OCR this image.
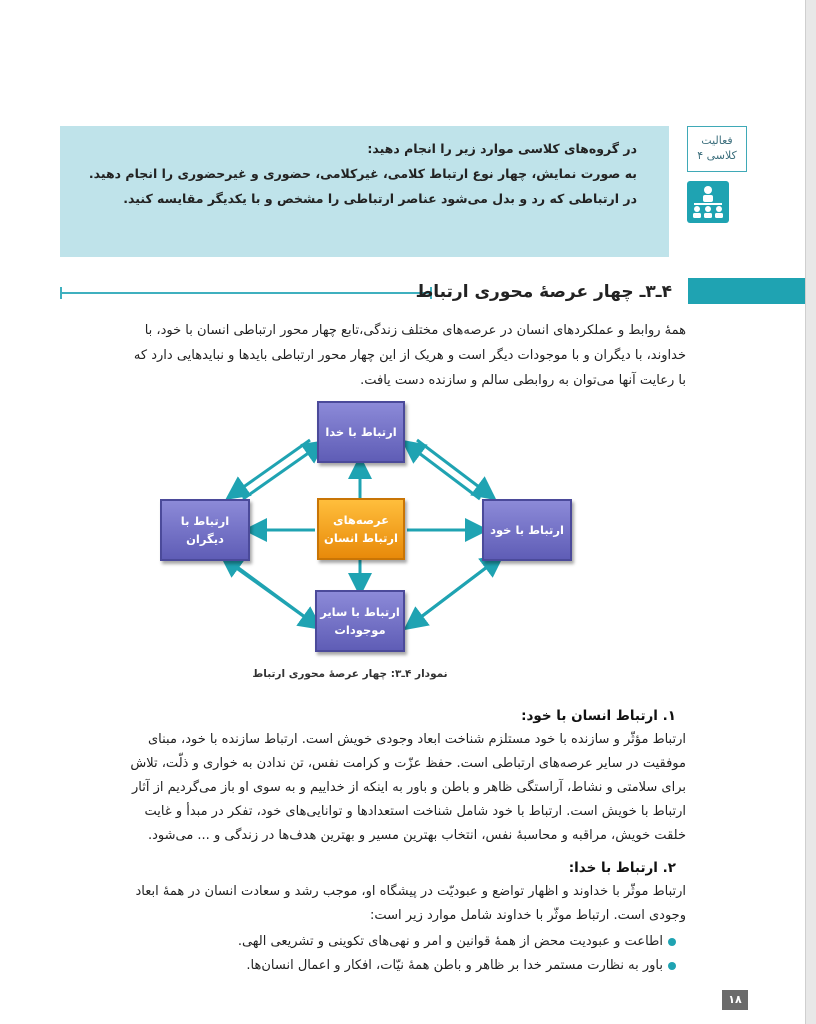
در گروه‌های کلاسی موارد زیر را انجام دهید:

به صورت نمایش، چهار نوع ارتباط کلامی، غیرکلامی، حضوری و غیرحضوری را انجام دهید.

در ارتباطی که رد و بدل می‌شود عناصر ارتباطی را مشخص و با یکدیگر مقایسه کنید.

فعالیت
کلاسی ۴
۴ـ۳ـ چهار عرصهٔ محوری ارتباط
همهٔ روابط و عملکردهای انسان در عرصه‌های مختلف زندگی،تابع چهار محور ارتباطی انسان با خود، با
خداوند، با دیگران و با موجودات دیگر است و هریک از این چهار محور ارتباطی بایدها و نبایدهایی دارد که
با رعایت آنها می‌توان به روابطی سالم و سازنده دست یافت.
ارتباط با خدا
ارتباط با
دیگران
ارتباط با خود
ارتباط با سایر
موجودات
عرصه‌های
ارتباط انسان
نمودار ۴ـ۳: چهار عرصهٔ محوری ارتباط
۱. ارتباط انسان با خود:
ارتباط مؤثّر و سازنده با خود مستلزم شناخت ابعاد وجودی خویش است. ارتباط سازنده با خود، مبنای
موفقیت در سایر عرصه‌های ارتباطی است. حفظ عزّت و کرامت نفس، تن ندادن به خواری و ذلّت، تلاش
برای سلامتی و نشاط، آراستگی ظاهر و باطن و باور به اینکه از خداییم و به سوی او باز می‌گردیم از آثار
ارتباط با خویش است. ارتباط با خود شامل شناخت استعدادها و توانایی‌های خود، تفکر در مبدأ و غایت
خلقت خویش، مراقبه و محاسبهٔ نفس، انتخاب بهترین مسیر و بهترین هدف‌ها در زندگی و ... می‌شود.
۲. ارتباط با خدا:
ارتباط موثّر با خداوند و اظهار تواضع و عبودیّت در پیشگاه او، موجب رشد و سعادت انسان در همهٔ ابعاد
وجودی است. ارتباط موثّر با خداوند شامل موارد زیر است:
اطاعت و عبودیت محض از همهٔ قوانین و امر و نهی‌های تکوینی و تشریعی الهی.
باور به نظارت مستمر خدا بر ظاهر و باطن همهٔ نیّات، افکار و اعمال انسان‌ها.
۱۸
